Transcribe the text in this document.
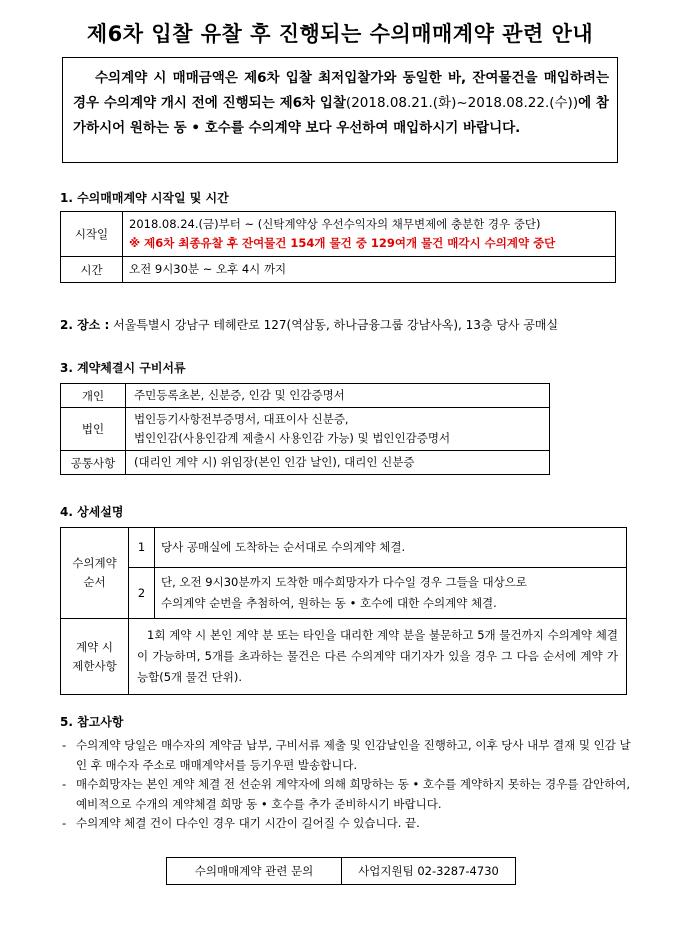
제6차 입찰 유찰 후 진행되는 수의매매계약 관련 안내
수의계약 시 매매금액은 제6차 입찰 최저입찰가와 동일한 바, 잔여물건을 매입하려는 경우 수의계약 개시 전에 진행되는 제6차 입찰(2018.08.21.(화)~2018.08.22.(수))에 참가하시어 원하는 동 • 호수를 수의계약 보다 우선하여 매입하시기 바랍니다.
1. 수의매매계약 시작일 및 시간
시작일	2018.08.24.(금)부터 ~ (신탁계약상 우선수익자의 채무변제에 충분한 경우 중단)
※ 제6차 최종유찰 후 잔여물건 154개 물건 중 129여개 물건 매각시 수의계약 중단

시간	오전 9시30분 ~ 오후 4시 까지
2. 장소 : 서울특별시 강남구 테헤란로 127(역삼동, 하나금융그룹 강남사옥), 13층 당사 공매실
3. 계약체결시 구비서류
개인	주민등록초본, 신분증, 인감 및 인감증명서
법인	법인등기사항전부증명서, 대표이사 신분증,
법인인감(사용인감계 제출시 사용인감 가능) 및 법인인감증명서

공통사항	(대리인 계약 시) 위임장(본인 인감 날인), 대리인 신분증
4. 상세설명
수의계약
순서	1	당사 공매실에 도착하는 순서대로 수의계약 체결.
	2	단, 오전 9시30분까지 도착한 매수희망자가 다수일 경우 그들을 대상으로
수의계약 순번을 추첨하여, 원하는 동 • 호수에 대한 수의계약 체결.

계약 시
제한사항	1회 계약 시 본인 계약 분 또는 타인을 대리한 계약 분을 불문하고 5개 물건까지 수의계약 체결이 가능하며, 5개를 초과하는 물건은 다른 수의계약 대기자가 있을 경우 그 다음 순서에 계약 가능함(5개 물건 단위).	
5. 참고사항
- 수의계약 당일은 매수자의 계약금 납부, 구비서류 제출 및 인감날인을 진행하고, 이후 당사 내부 결재 및 인감 날인 후 매수자 주소로 매매계약서를 등기우편 발송합니다.
- 매수희망자는 본인 계약 체결 전 선순위 계약자에 의해 희망하는 동 • 호수를 계약하지 못하는 경우를 감안하여, 예비적으로 수개의 계약체결 희망 동 • 호수를 추가 준비하시기 바랍니다.
- 수의계약 체결 건이 다수인 경우 대기 시간이 길어질 수 있습니다. 끝.
수의매매계약 관련 문의	사업지원팀 02-3287-4730
